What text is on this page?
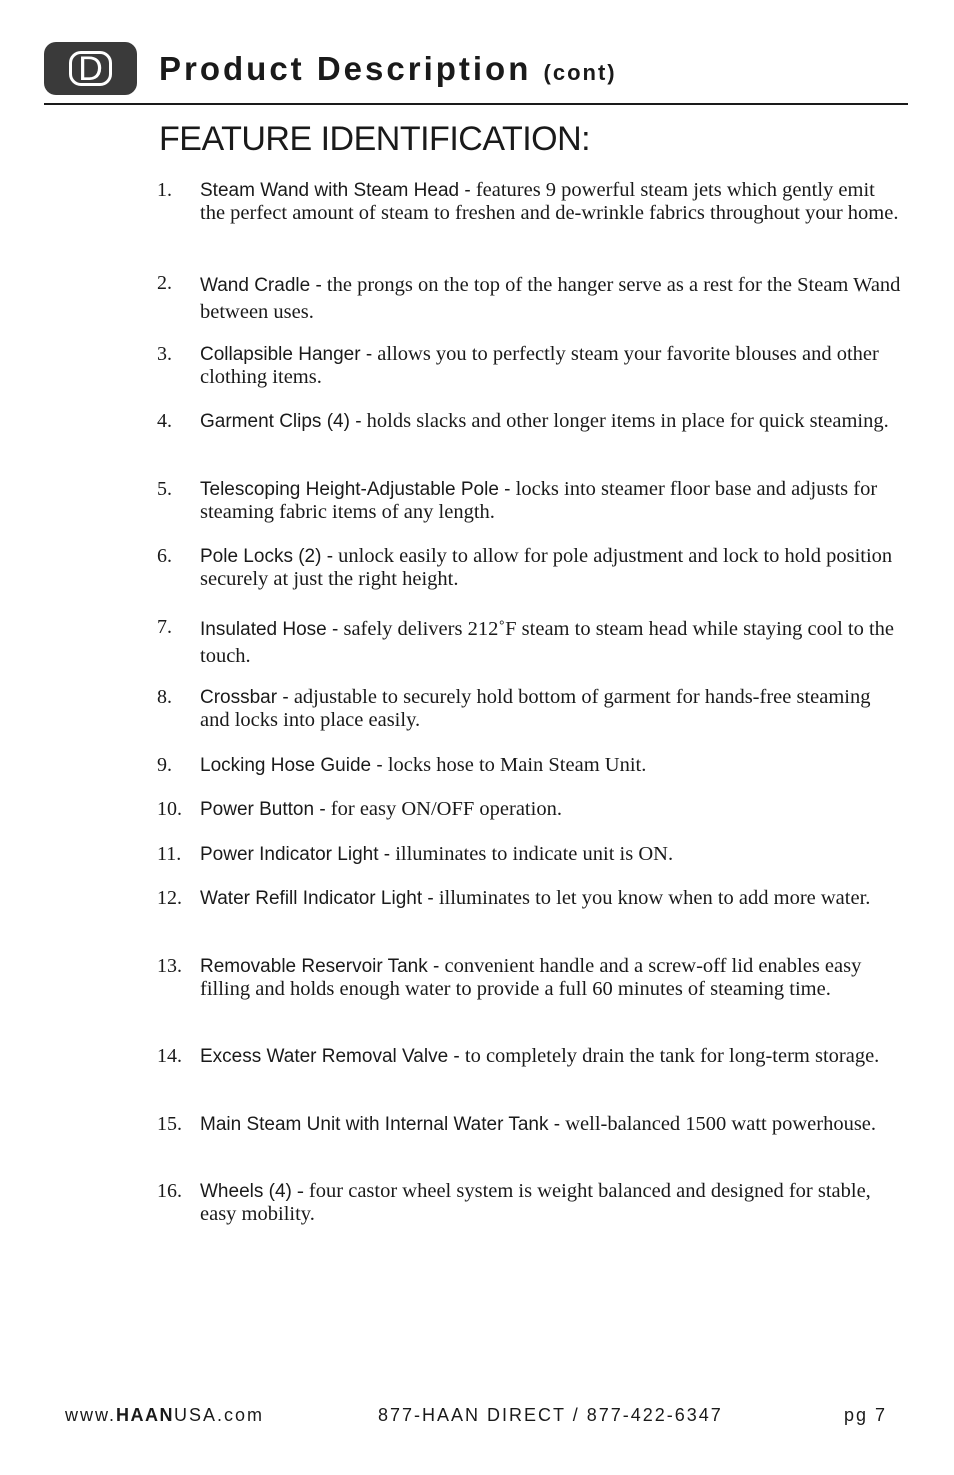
D Product Description (cont)
FEATURE IDENTIFICATION:
1.	Steam Wand with Steam Head - features 9 powerful steam jets which gently emit the perfect amount of steam to freshen and de-wrinkle fabrics throughout your home.
2.	Wand Cradle - the prongs on the top of the hanger serve as a rest for the Steam Wand between uses.
3.	Collapsible Hanger - allows you to perfectly steam your favorite blouses and other clothing items.
4.	Garment Clips (4) - holds slacks and other longer items in place for quick steaming.
5.	Telescoping Height-Adjustable Pole - locks into steamer floor base and adjusts for steaming fabric items of any length.
6.	Pole Locks (2) - unlock easily to allow for pole adjustment and lock to hold position securely at just the right height.
7.	Insulated Hose - safely delivers 212˚F steam to steam head while staying cool to the touch.
8.	Crossbar - adjustable to securely hold bottom of garment for hands-free steaming and locks into place easily.
9.	Locking Hose Guide - locks hose to Main Steam Unit.
10. Power Button - for easy ON/OFF operation.
11. Power Indicator Light - illuminates to indicate unit is ON.
12. Water Refill Indicator Light - illuminates to let you know when to add more water.
13. Removable Reservoir Tank - convenient handle and a screw-off lid enables easy filling and holds enough water to provide a full 60 minutes of steaming time.
14. Excess Water Removal Valve - to completely drain the tank for long-term storage.
15. Main Steam Unit with Internal Water Tank - well-balanced 1500 watt powerhouse.
16. Wheels (4) - four castor wheel system is weight balanced and designed for stable, easy mobility.
www.HAANUSA.com	877-HAAN DIRECT / 877-422-6347	pg 7
